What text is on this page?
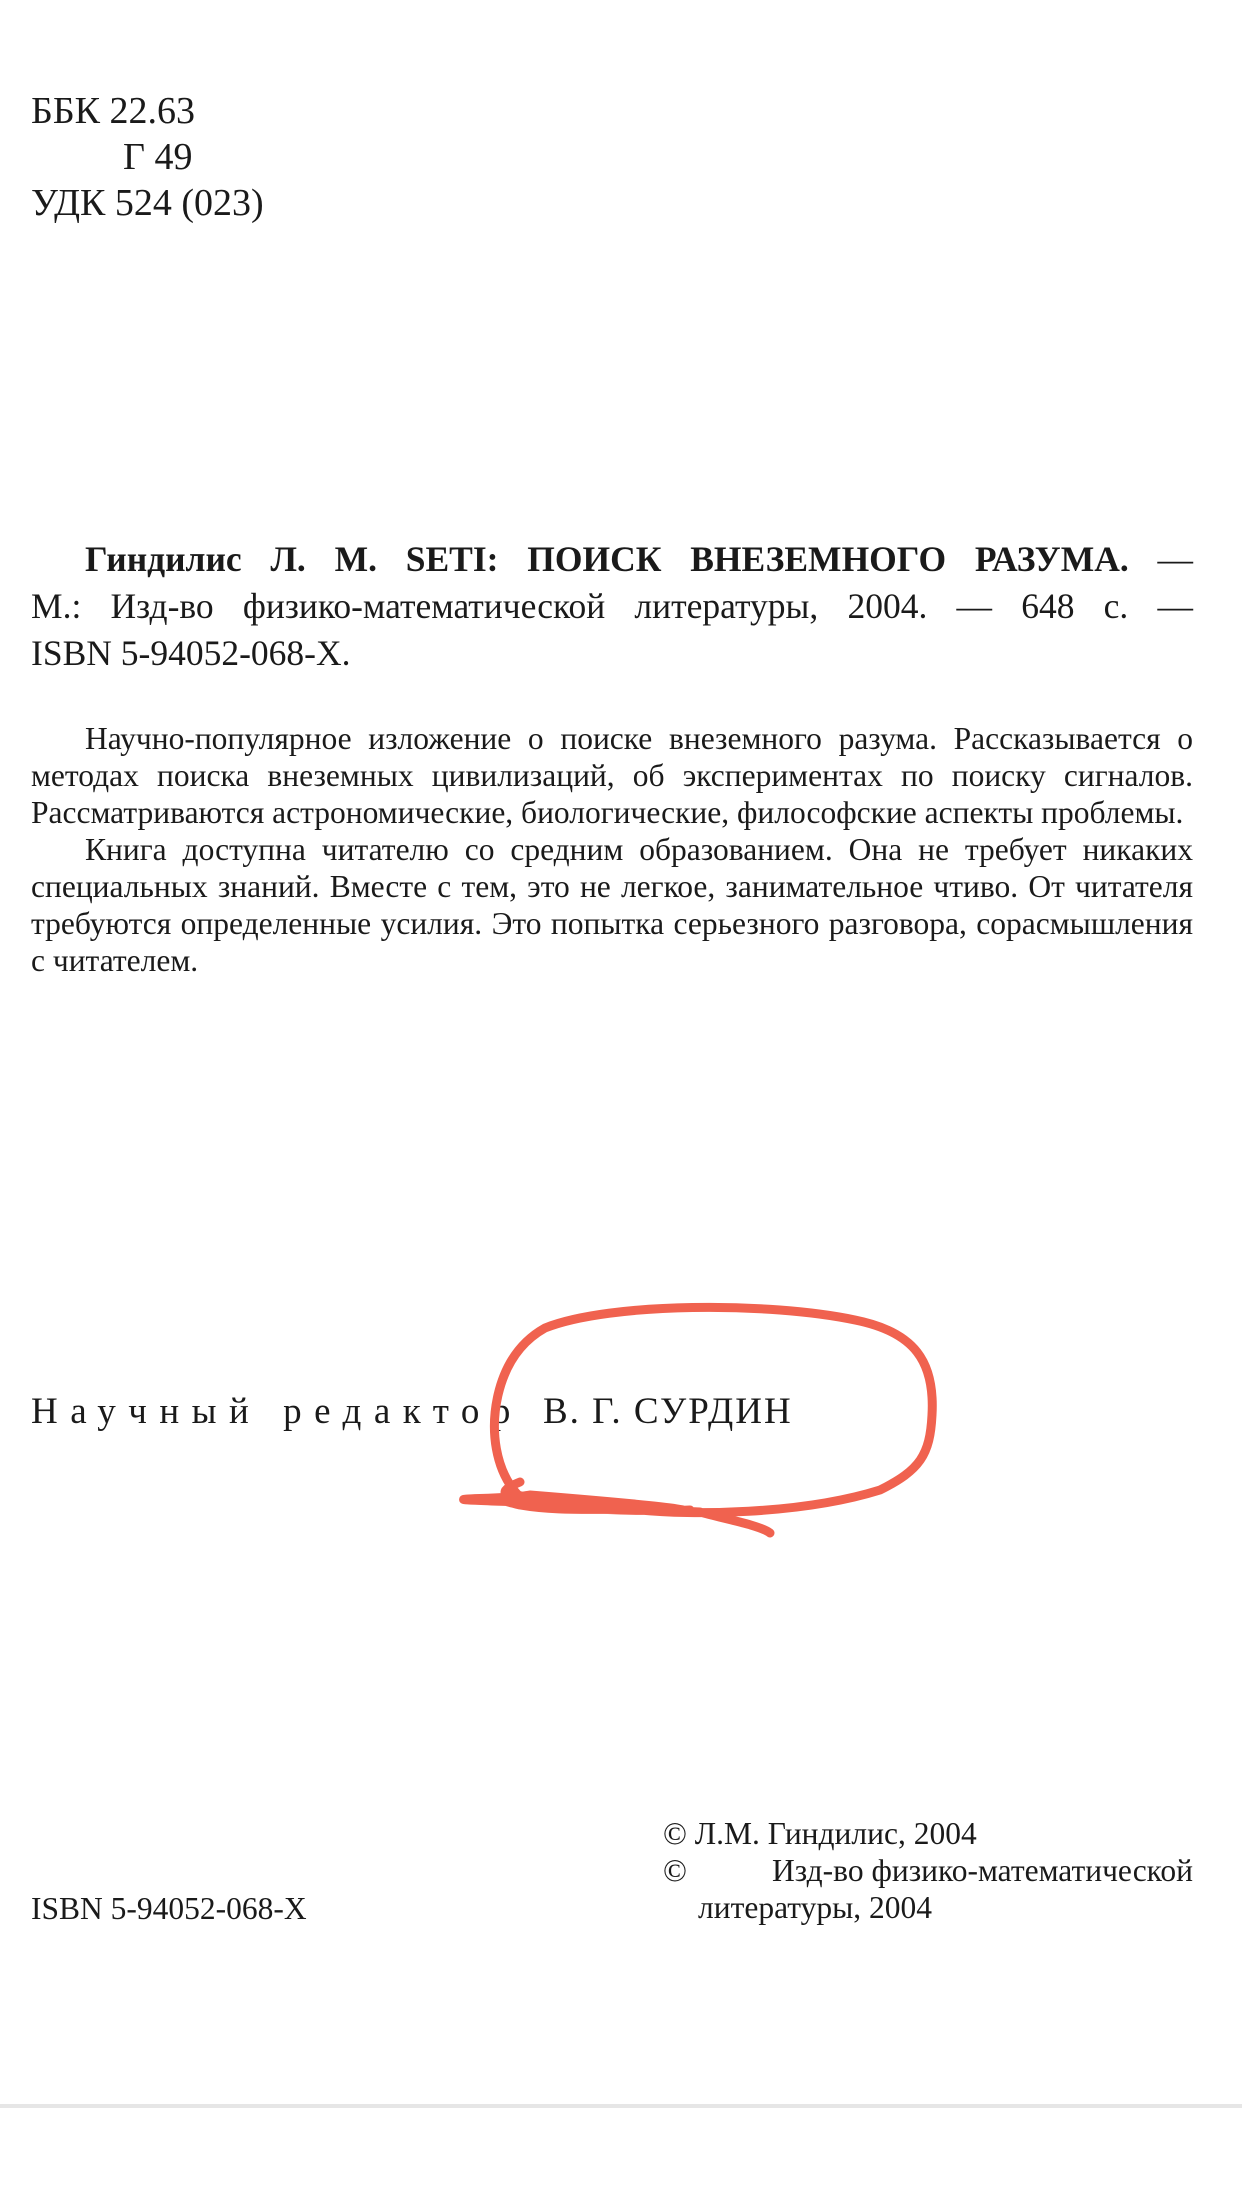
ББК 22.63
Г 49
УДК 524 (023)

Гиндилис Л. М. SETI: ПОИСК ВНЕЗЕМНОГО РАЗУМА. —

М.: Изд-во физико-математической литературы, 2004. — 648 с. —

ISBN 5-94052-068-X.

Научно-популярное изложение о поиске внеземного разума. Рассказывается о методах поиска внеземных цивилизаций, об экспериментах по поиску сигналов. Рассматриваются астрономические, биологические, философские аспекты проблемы.

Книга доступна читателю со средним образованием. Она не требует никаких специальных знаний. Вместе с тем, это не легкое, занимательное чтиво. От читателя требуются определенные усилия. Это попытка серьезного разговора, сорасмышления с читателем.

Научный редактор В. Г. СУРДИН
ISBN 5-94052-068-X
© Л.М. Гиндилис, 2004
©	Изд-во физико-математической
литературы, 2004
